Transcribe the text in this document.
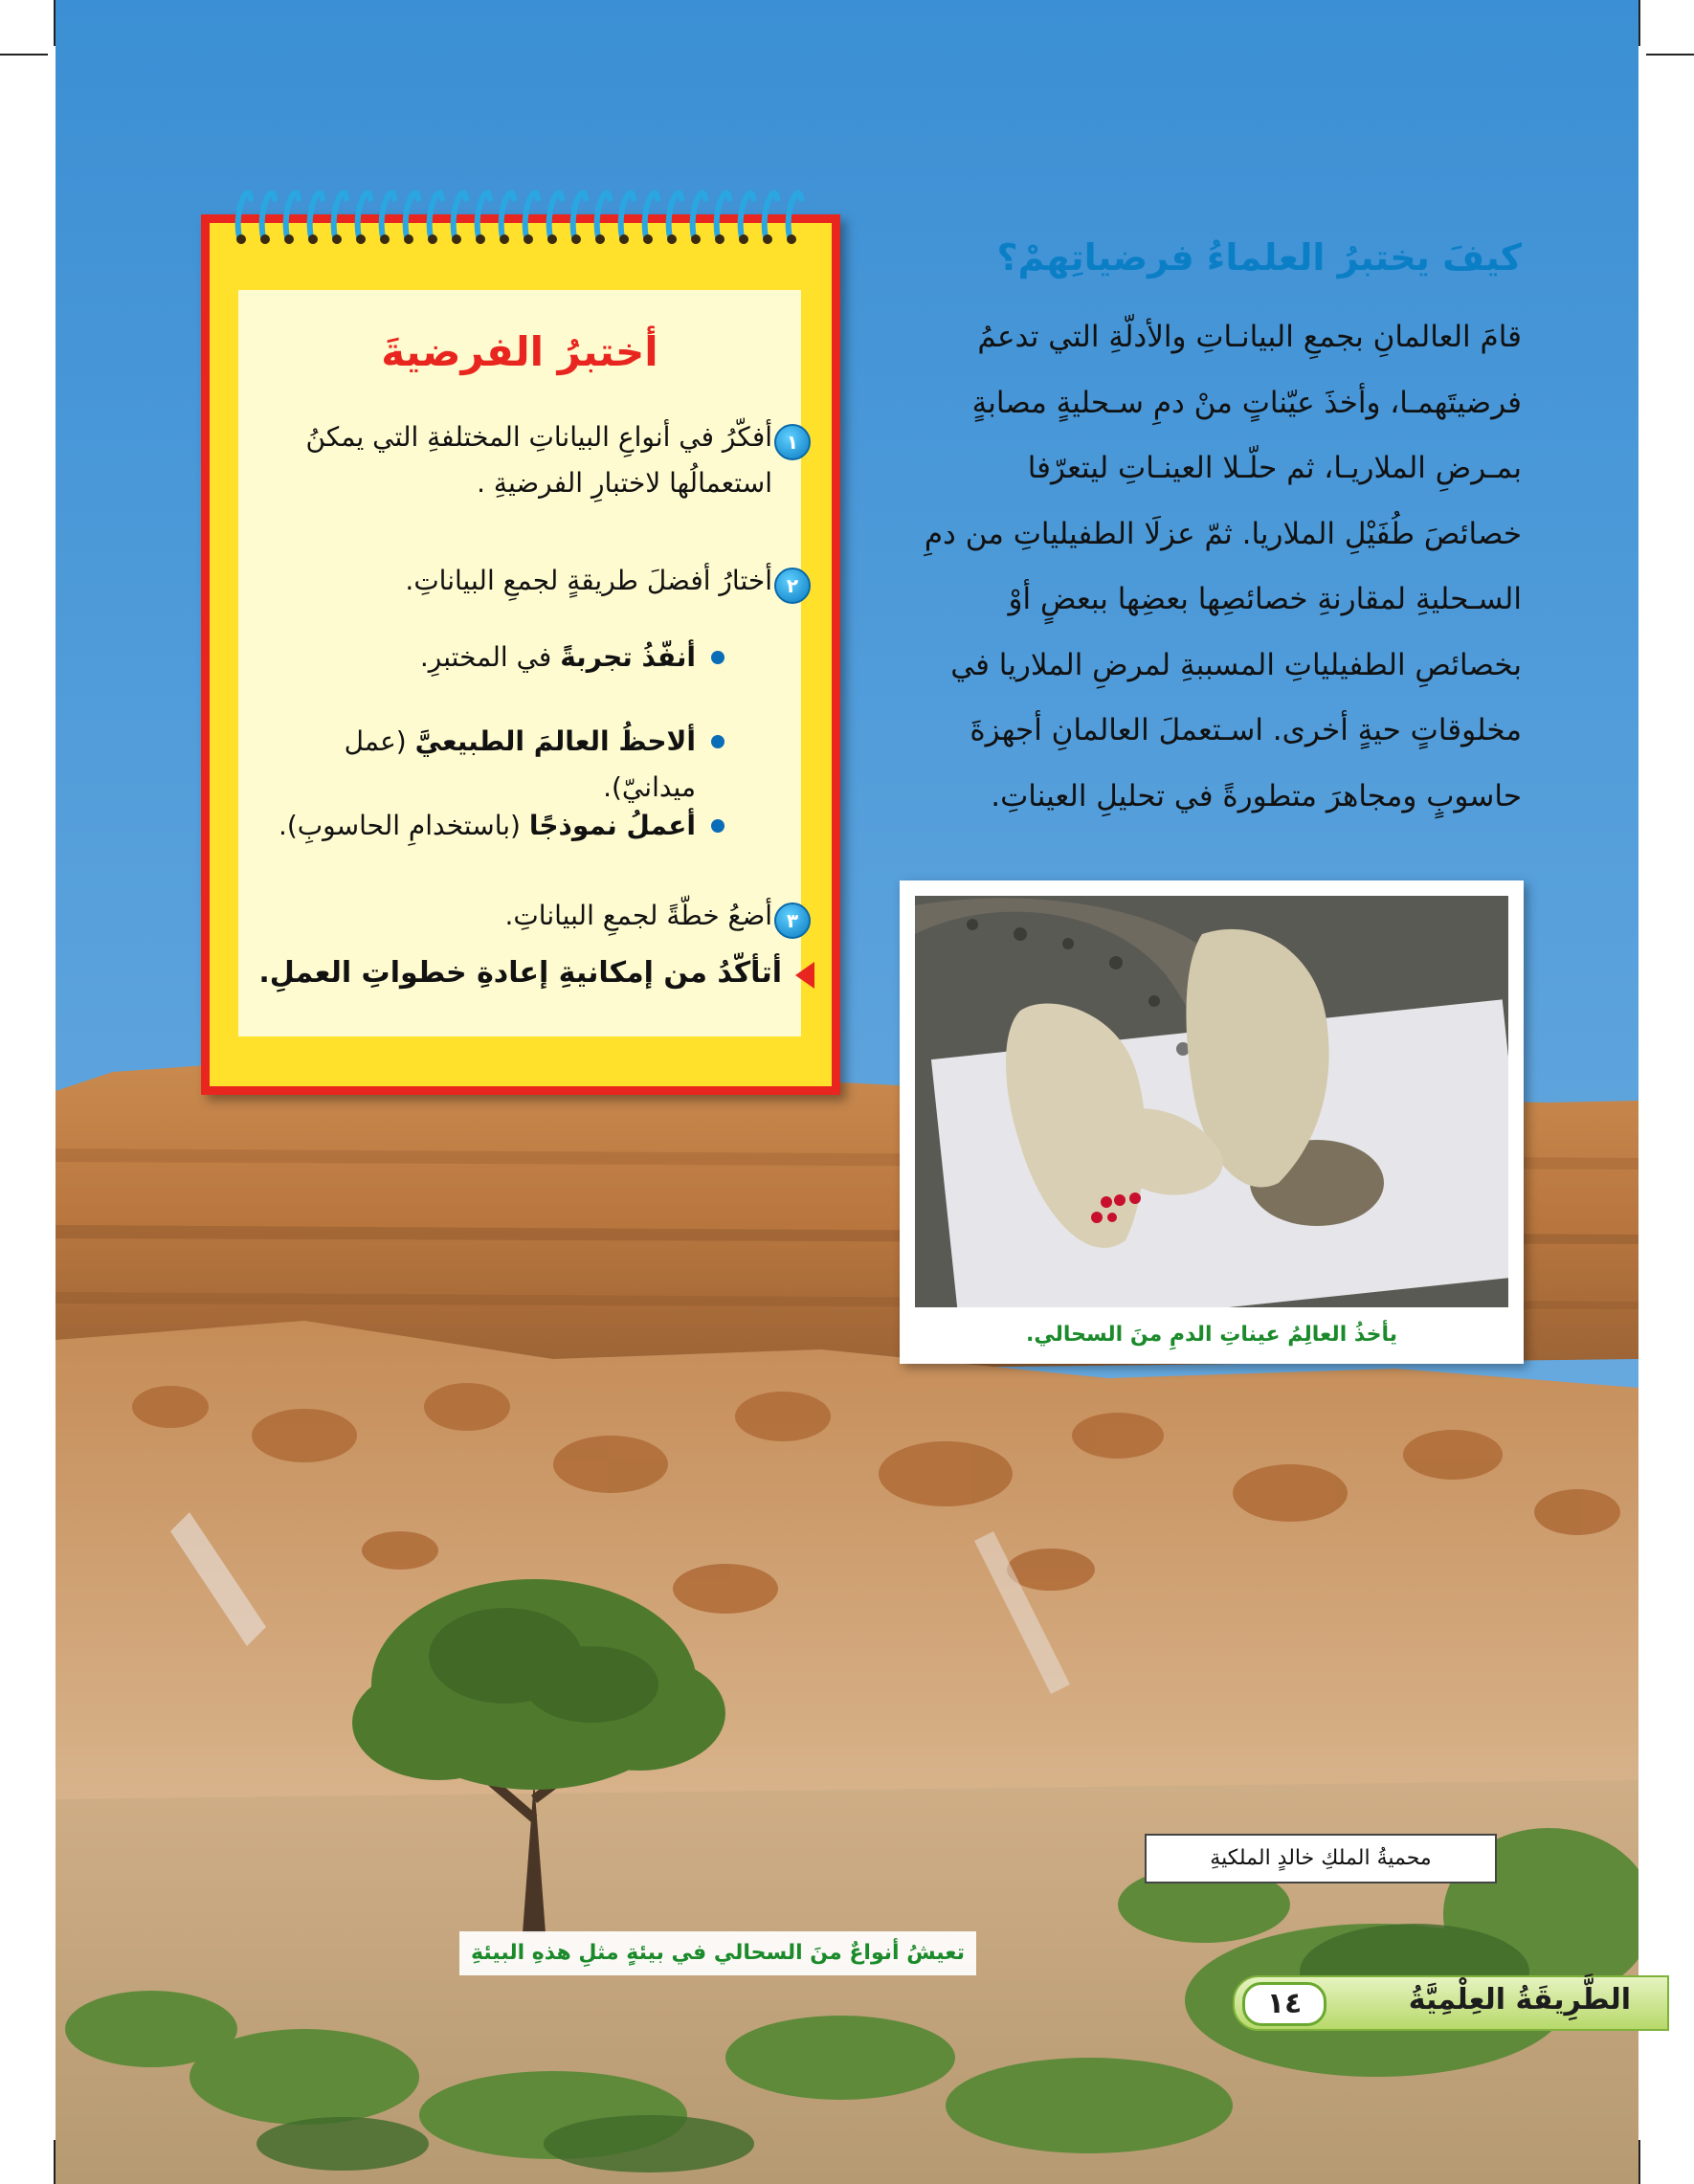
كيفَ يختبرُ العلماءُ فرضياتِهمْ؟

قامَ العالمانِ بجمعِ البيانـاتِ والأدلّةِ التي تدعمُ فرضيتَهمـا، وأخذَ عيّناتٍ منْ دمِ سـحليةٍ مصابةٍ بمـرضِ الملاريـا، ثم حلّـلا العينـاتِ ليتعرّفا خصائصَ طُفَيْلِ الملاريا. ثمّ عزلَا الطفيلياتِ من دمِ السـحليةِ لمقارنةِ خصائصِها بعضِها ببعضٍ أوْ بخصائصِ الطفيلياتِ المسببةِ لمرضِ الملاريا في مخلوقاتٍ حيةٍ أخرى. اسـتعملَ العالمانِ أجهزةَ حاسوبٍ ومجاهرَ متطورةً في تحليلِ العيناتِ.

أختبرُ الفرضيةَ
١
أفكّرُ في أنواعِ البياناتِ المختلفةِ التي يمكنُ استعمالُها لاختبارِ الفرضيةِ .
٢
أختارُ أفضلَ طريقةٍ لجمعِ البياناتِ.
أنفّذُ تجربةً في المختبرِ.
ألاحظُ العالمَ الطبيعيَّ (عمل ميدانيّ).
أعملُ نموذجًا (باستخدامِ الحاسوبِ).
٣
أضعُ خطّةً لجمعِ البياناتِ.
أتأكّدُ من إمكانيةِ إعادةِ خطواتِ العملِ.
يأخذُ العالِمُ عيناتِ الدمِ منَ السحالي.
محميةُ الملكِ خالدٍ الملكيةِ
تعيشُ أنواعٌ منَ السحالي في بيئةٍ مثلِ هذهِ البيئةِ
الطَّرِيقَةُ العِلْمِيَّةُ
١٤
